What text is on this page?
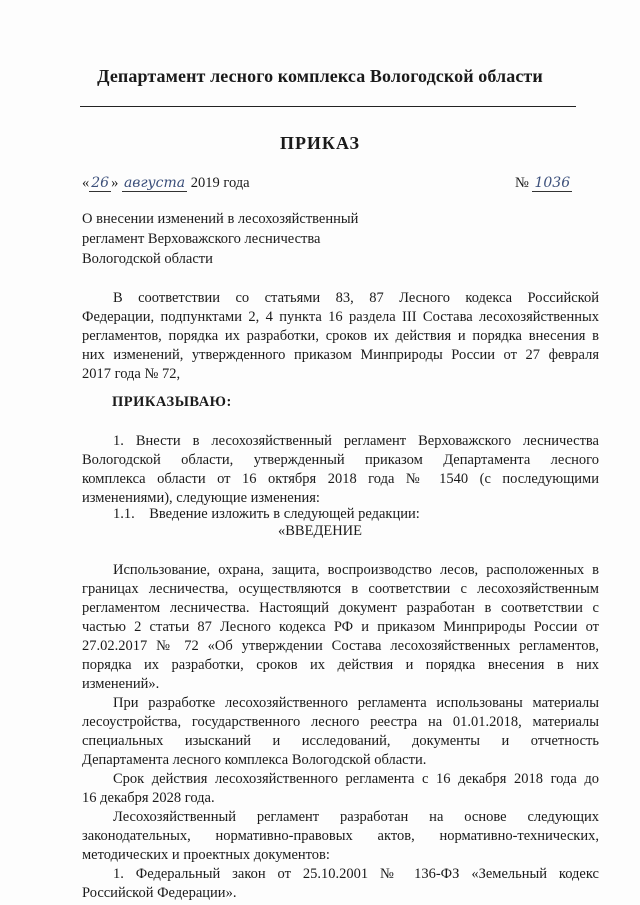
Департамент лесного комплекса Вологодской области
ПРИКАЗ
« 26 » августа 2019 года	№ 1036
О внесении изменений в лесохозяйственный
регламент Верховажского лесничества
Вологодской области
В соответствии со статьями 83, 87 Лесного кодекса Российской
Федерации, подпунктами 2, 4 пункта 16 раздела III Состава лесохозяйственных
регламентов, порядка их разработки, сроков их действия и порядка внесения в
них изменений, утвержденного приказом Минприроды России от 27 февраля
2017 года № 72,
ПРИКАЗЫВАЮ:
1. Внести в лесохозяйственный регламент Верховажского лесничества
Вологодской области, утвержденный приказом Департамента лесного
комплекса области от 16 октября 2018 года № 1540 (с последующими
изменениями), следующие изменения:
1.1.    Введение изложить в следующей редакции:
«ВВЕДЕНИЕ
Использование, охрана, защита, воспроизводство лесов, расположенных в
границах лесничества, осуществляются в соответствии с лесохозяйственным
регламентом лесничества. Настоящий документ разработан в соответствии с
частью 2 статьи 87 Лесного кодекса РФ и приказом Минприроды России от
27.02.2017 № 72 «Об утверждении Состава лесохозяйственных регламентов,
порядка их разработки, сроков их действия и порядка внесения в них
изменений».
При разработке лесохозяйственного регламента использованы материалы
лесоустройства, государственного лесного реестра на 01.01.2018, материалы
специальных изысканий и исследований, документы и отчетность
Департамента лесного комплекса Вологодской области.
Срок действия лесохозяйственного регламента с 16 декабря 2018 года до
16 декабря 2028 года.
Лесохозяйственный регламент разработан на основе следующих
законодательных, нормативно-правовых актов, нормативно-технических,
методических и проектных документов:
1. Федеральный закон от 25.10.2001 № 136-ФЗ «Земельный кодекс
Российской Федерации».
